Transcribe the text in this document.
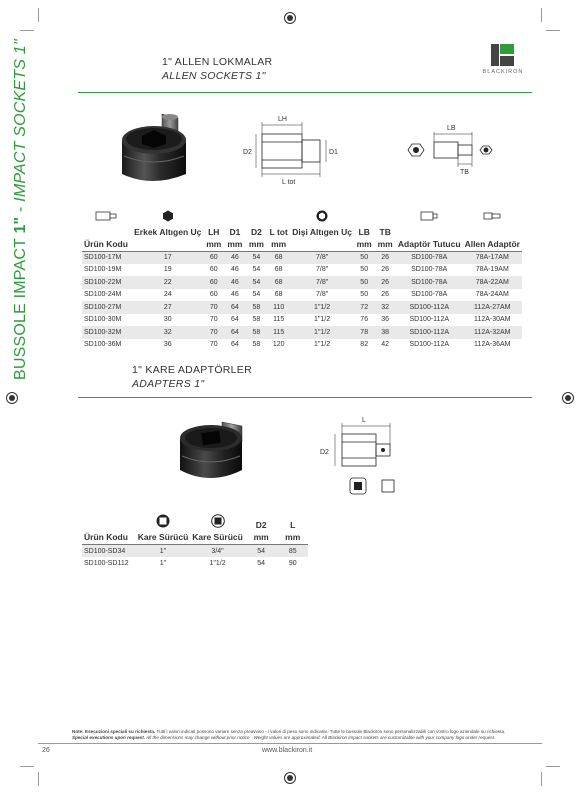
BUSSOLE IMPACT 1" - IMPACT SOCKETS 1"	BLACKIRON
1" ALLEN LOKMALAR
ALLEN SOCKETS 1"
LH
D2	D1
L tot
LB
TB

	Erkek Altıgen Uç	LH	D1	D2	L tot	Dişi Altıgen Uç	LB	TB		
Ürün Kodu		mm	mm	mm	mm		mm	mm	Adaptör Tutucu	Allen Adaptör
SD100-17M	17	60	46	54	68	7/8"	50	26	SD100-78A	78A-17AM
SD100-19M	19	60	46	54	68	7/8"	50	26	SD100-78A	78A-19AM
SD100-22M	22	60	46	54	68	7/8"	50	26	SD100-78A	78A-22AM
SD100-24M	24	60	46	54	68	7/8"	50	26	SD100-78A	78A-24AM
SD100-27M	27	70	64	58	110	1"1/2	72	32	SD100-112A	112A-27AM
SD100-30M	30	70	64	58	115	1"1/2	76	36	SD100-112A	112A-30AM
SD100-32M	32	70	64	58	115	1"1/2	78	38	SD100-112A	112A-32AM
SD100-36M	36	70	64	58	120	1"1/2	82	42	SD100-112A	112A-36AM
1" KARE ADAPTÖRLER
ADAPTERS 1"
L
D2
			D2	L
Ürün Kodu	Kare Sürücü	Kare Sürücü	mm	mm
SD100-SD34	1"	3/4"	54	85
SD100-SD112	1"	1"1/2	54	90
Note: Esecuzioni speciali su richiesta. Tutti i valori indicati possono variare senza preavviso - i valori di peso sono indicativi. Tutte le bussole Blackiron sono personalizzabili con vostro logo aziendale su richiesta.
Special executions upon request. All the dimensions may change without prior notice - Weight values are approximated. All Blackiron impact sockets are customizable with your company logo under request.
26	www.blackiron.it
